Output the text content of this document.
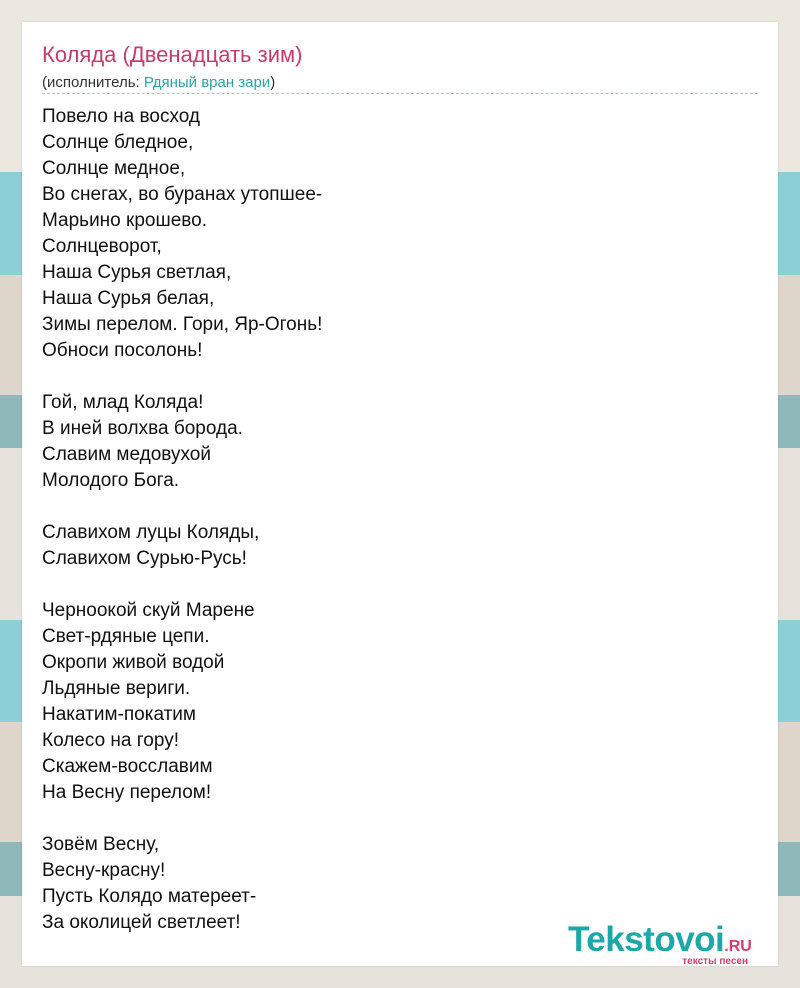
Коляда (Двенадцать зим)
(исполнитель: Рдяный вран зари)
Повело на восход
Солнце бледное,
Солнце медное,
Во снегах, во буранах утопшее-
Марьино крошево.
Солнцеворот,
Наша Сурья светлая,
Наша Сурья белая,
Зимы перелом. Гори, Яр-Огонь!
Обноси посолонь!
Гой, млад Коляда!
В иней волхва борода.
Славим медовухой
Молодого Бога.
Славихом луцы Коляды,
Славихом Сурью-Русь!
Черноокой скуй Марене
Свет-рдяные цепи.
Окропи живой водой
Льдяные вериги.
Накатим-покатим
Колесо на гору!
Скажем-восславим
На Весну перелом!
Зовём Весну,
Весну-красну!
Пусть Колядо матереет-
За околицей светлеет!	Tekstovoi.RU
тексты песен
